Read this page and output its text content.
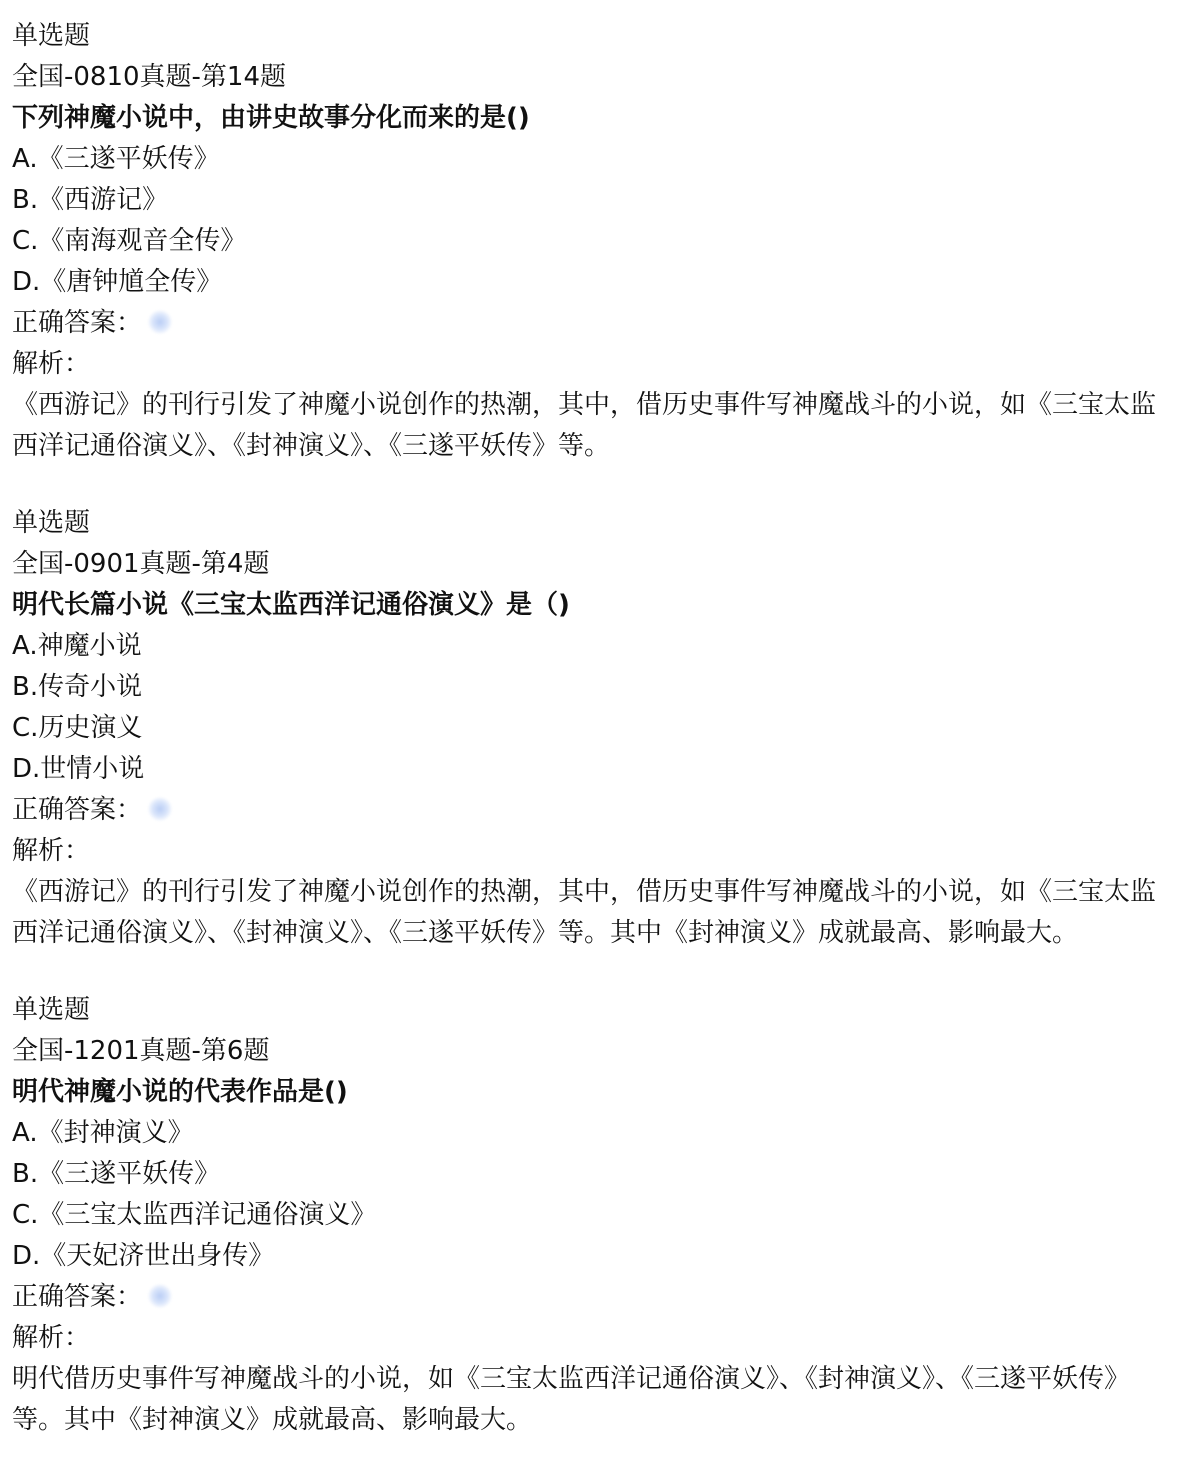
单选题
全国-0810真题-第14题
下列神魔小说中，由讲史故事分化而来的是()
A.《三遂平妖传》
B.《西游记》
C.《南海观音全传》
D.《唐钟馗全传》
正确答案：
解析：
《西游记》的刊行引发了神魔小说创作的热潮，其中，借历史事件写神魔战斗的小说，如《三宝太监西洋记通俗演义》、《封神演义》、《三遂平妖传》等。
单选题
全国-0901真题-第4题
明代长篇小说《三宝太监西洋记通俗演义》是（)
A.神魔小说
B.传奇小说
C.历史演义
D.世情小说
正确答案：
解析：
《西游记》的刊行引发了神魔小说创作的热潮，其中，借历史事件写神魔战斗的小说，如《三宝太监西洋记通俗演义》、《封神演义》、《三遂平妖传》等。其中《封神演义》成就最高、影响最大。
单选题
全国-1201真题-第6题
明代神魔小说的代表作品是()
A.《封神演义》
B.《三遂平妖传》
C.《三宝太监西洋记通俗演义》
D.《天妃济世出身传》
正确答案：
解析：
明代借历史事件写神魔战斗的小说，如《三宝太监西洋记通俗演义》、《封神演义》、《三遂平妖传》等。其中《封神演义》成就最高、影响最大。
